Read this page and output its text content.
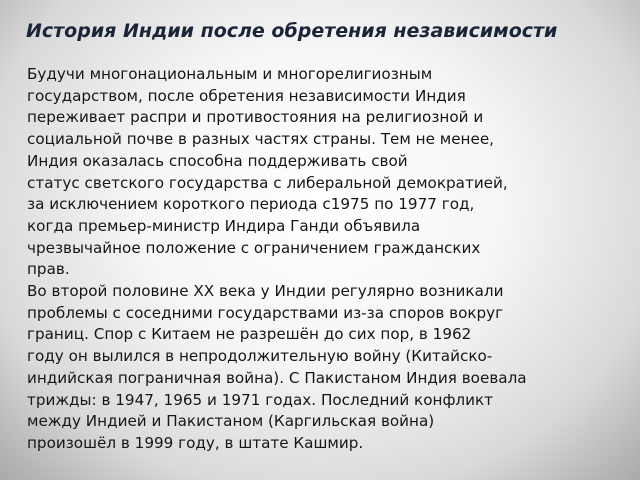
История Индии после обретения независимости
Будучи многонациональным и многорелигиозным
государством, после обретения независимости Индия
переживает распри и противостояния на религиозной и
социальной почве в разных частях страны. Тем не менее,
Индия оказалась способна поддерживать свой
статус светского государства с либеральной демократией,
за исключением короткого периода с1975 по 1977 год,
когда премьер-министр Индира Ганди объявила
чрезвычайное положение с ограничением гражданских
прав.
Во второй половине XX века у Индии регулярно возникали
проблемы с соседними государствами из-за споров вокруг
границ. Спор с Китаем не разрешён до сих пор, в 1962
году он вылился в непродолжительную войну (Китайско-
индийская пограничная война). С Пакистаном Индия воевала
трижды: в 1947, 1965 и 1971 годах. Последний конфликт
между Индией и Пакистаном (Каргильская война)
произошёл в 1999 году, в штате Кашмир.
